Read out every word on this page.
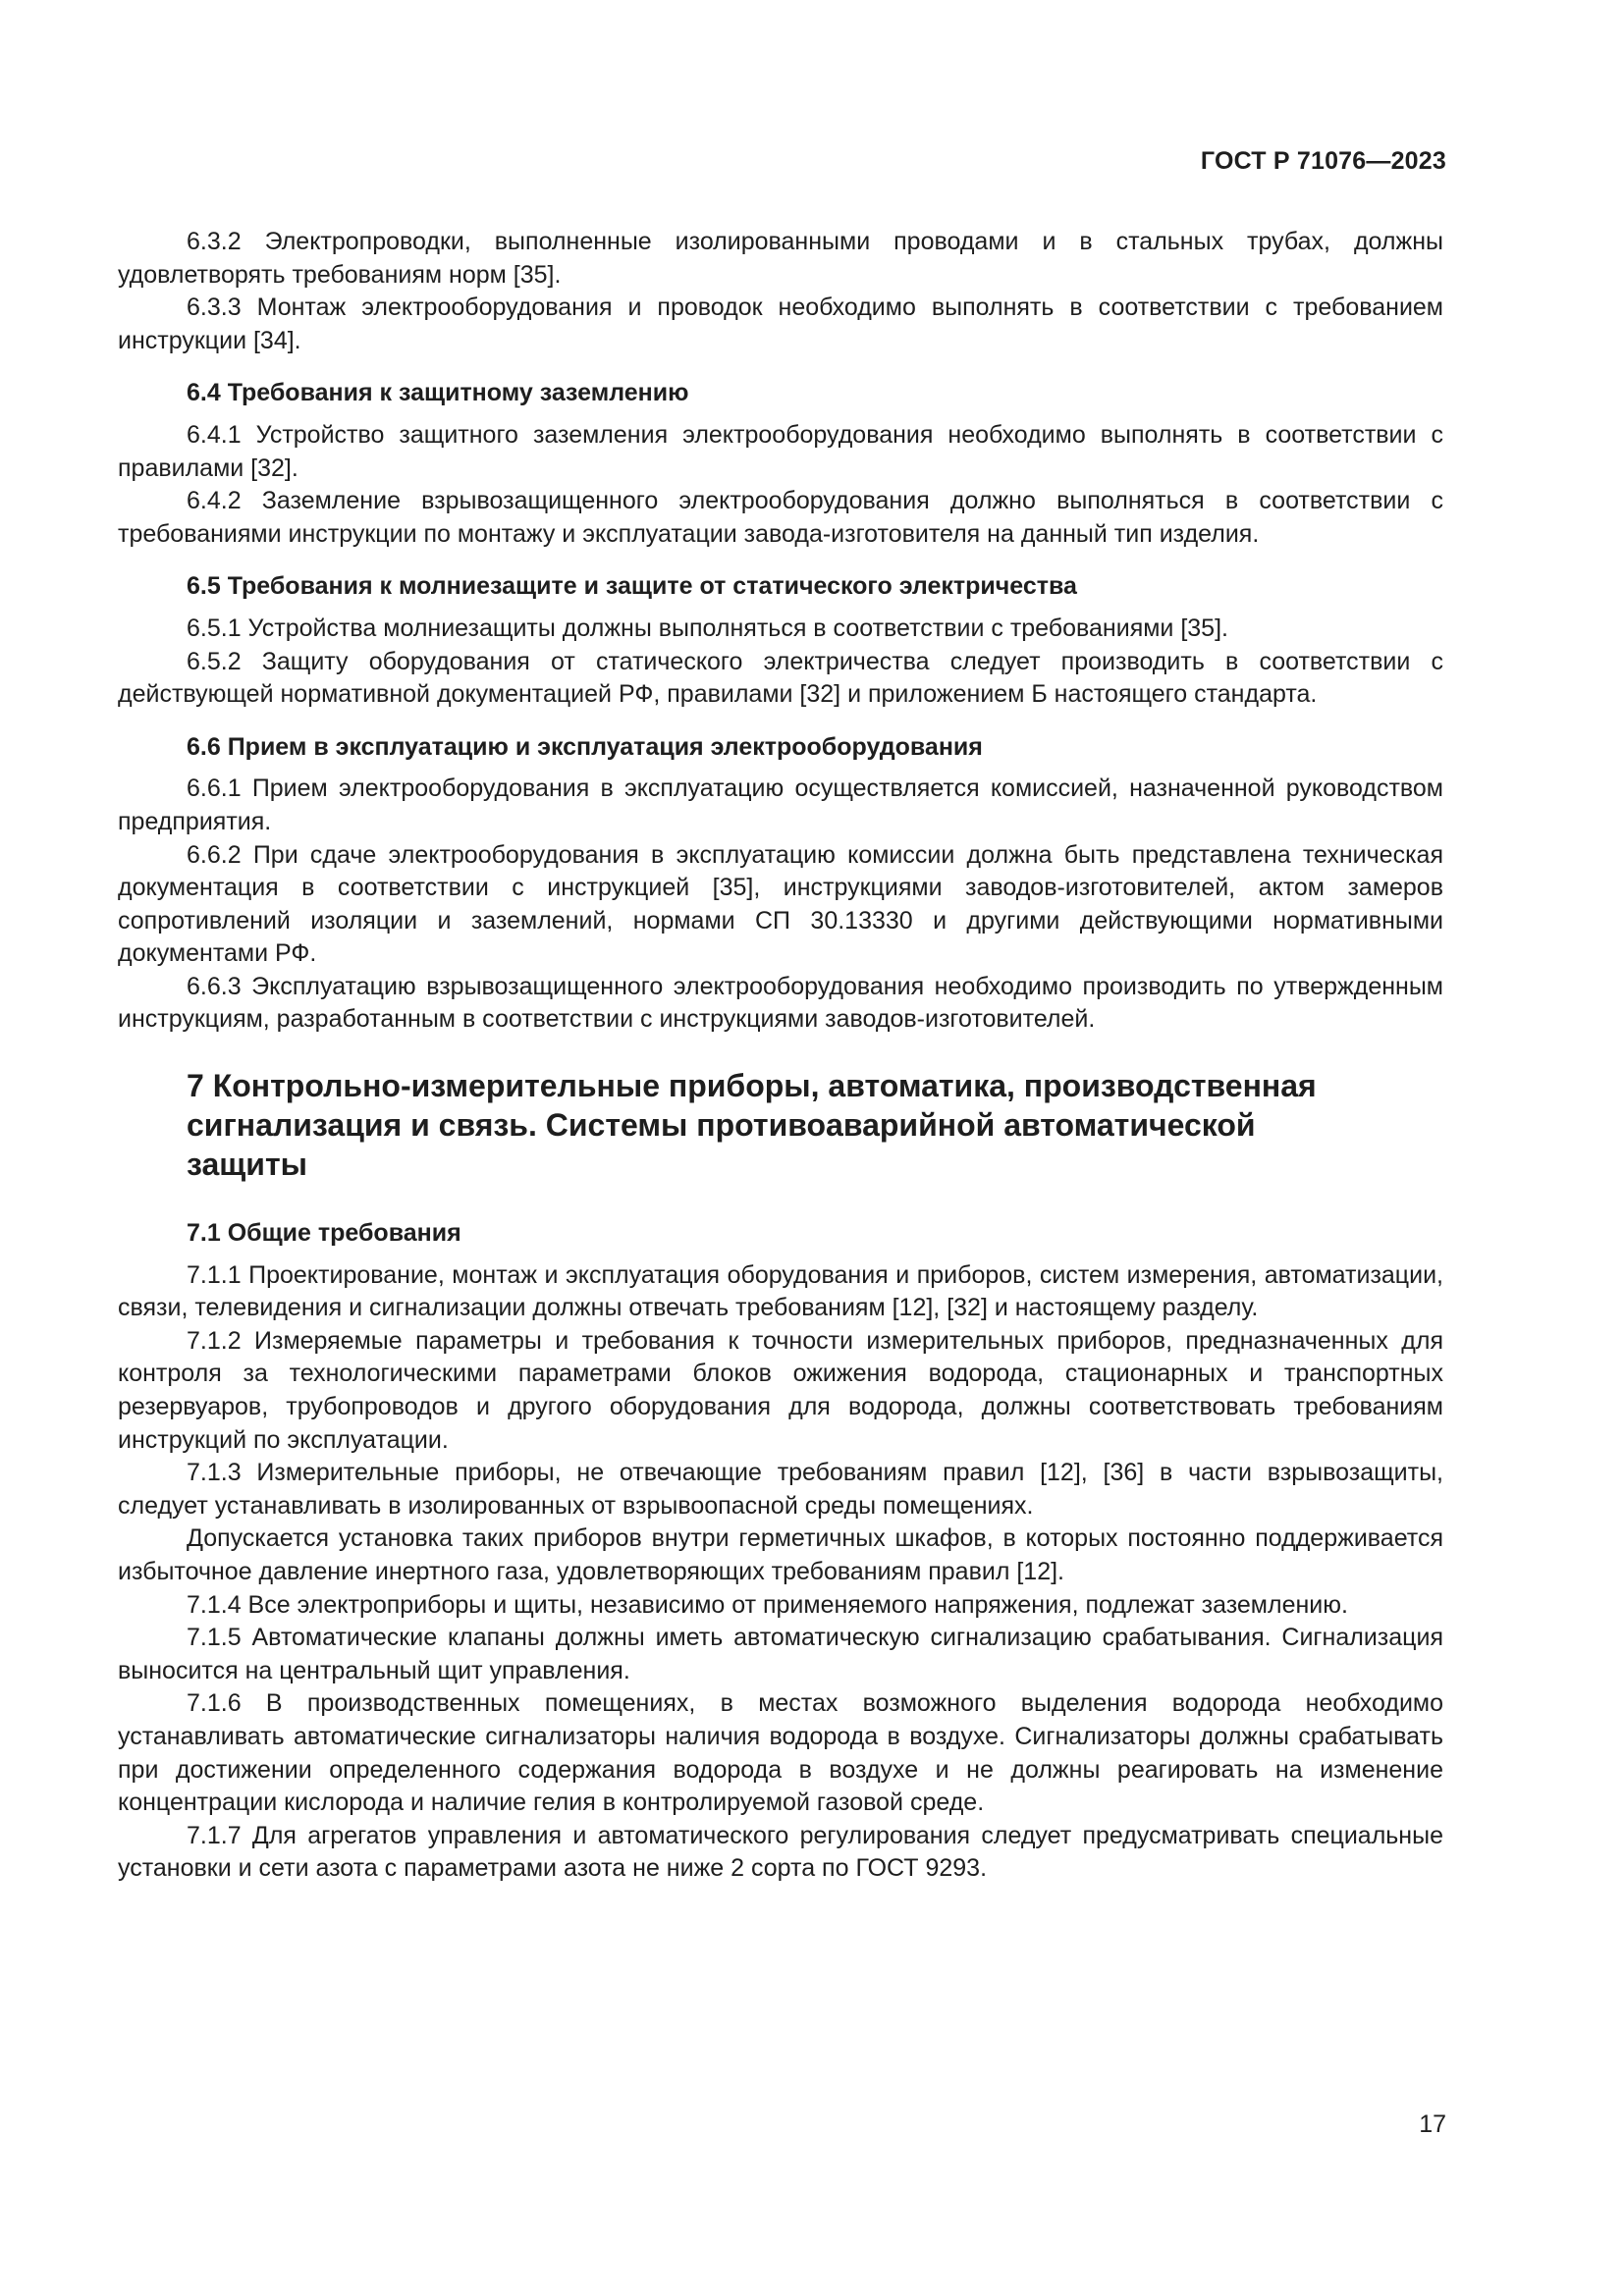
ГОСТ Р 71076—2023

6.3.2 Электропроводки, выполненные изолированными проводами и в стальных трубах, должны удовлетворять требованиям норм [35].

6.3.3 Монтаж электрооборудования и проводок необходимо выполнять в соответствии с требованием инструкции [34].

6.4 Требования к защитному заземлению

6.4.1 Устройство защитного заземления электрооборудования необходимо выполнять в соответствии с правилами [32].

6.4.2 Заземление взрывозащищенного электрооборудования должно выполняться в соответствии с требованиями инструкции по монтажу и эксплуатации завода-изготовителя на данный тип изделия.

6.5 Требования к молниезащите и защите от статического электричества

6.5.1 Устройства молниезащиты должны выполняться в соответствии с требованиями [35].

6.5.2 Защиту оборудования от статического электричества следует производить в соответствии с действующей нормативной документацией РФ, правилами [32] и приложением Б настоящего стандарта.

6.6 Прием в эксплуатацию и эксплуатация электрооборудования

6.6.1 Прием электрооборудования в эксплуатацию осуществляется комиссией, назначенной руководством предприятия.

6.6.2 При сдаче электрооборудования в эксплуатацию комиссии должна быть представлена техническая документация в соответствии с инструкцией [35], инструкциями заводов-изготовителей, актом замеров сопротивлений изоляции и заземлений, нормами СП 30.13330 и другими действующими нормативными документами РФ.

6.6.3 Эксплуатацию взрывозащищенного электрооборудования необходимо производить по утвержденным инструкциям, разработанным в соответствии с инструкциями заводов-изготовителей.

7 Контрольно-измерительные приборы, автоматика, производственная сигнализация и связь. Системы противоаварийной автоматической защиты
7.1 Общие требования

7.1.1 Проектирование, монтаж и эксплуатация оборудования и приборов, систем измерения, автоматизации, связи, телевидения и сигнализации должны отвечать требованиям [12], [32] и настоящему разделу.

7.1.2 Измеряемые параметры и требования к точности измерительных приборов, предназначенных для контроля за технологическими параметрами блоков ожижения водорода, стационарных и транспортных резервуаров, трубопроводов и другого оборудования для водорода, должны соответствовать требованиям инструкций по эксплуатации.

7.1.3 Измерительные приборы, не отвечающие требованиям правил [12], [36] в части взрывозащиты, следует устанавливать в изолированных от взрывоопасной среды помещениях.

Допускается установка таких приборов внутри герметичных шкафов, в которых постоянно поддерживается избыточное давление инертного газа, удовлетворяющих требованиям правил [12].

7.1.4 Все электроприборы и щиты, независимо от применяемого напряжения, подлежат заземлению.

7.1.5 Автоматические клапаны должны иметь автоматическую сигнализацию срабатывания. Сигнализация выносится на центральный щит управления.

7.1.6 В производственных помещениях, в местах возможного выделения водорода необходимо устанавливать автоматические сигнализаторы наличия водорода в воздухе. Сигнализаторы должны срабатывать при достижении определенного содержания водорода в воздухе и не должны реагировать на изменение концентрации кислорода и наличие гелия в контролируемой газовой среде.

7.1.7 Для агрегатов управления и автоматического регулирования следует предусматривать специальные установки и сети азота с параметрами азота не ниже 2 сорта по ГОСТ 9293.

17
